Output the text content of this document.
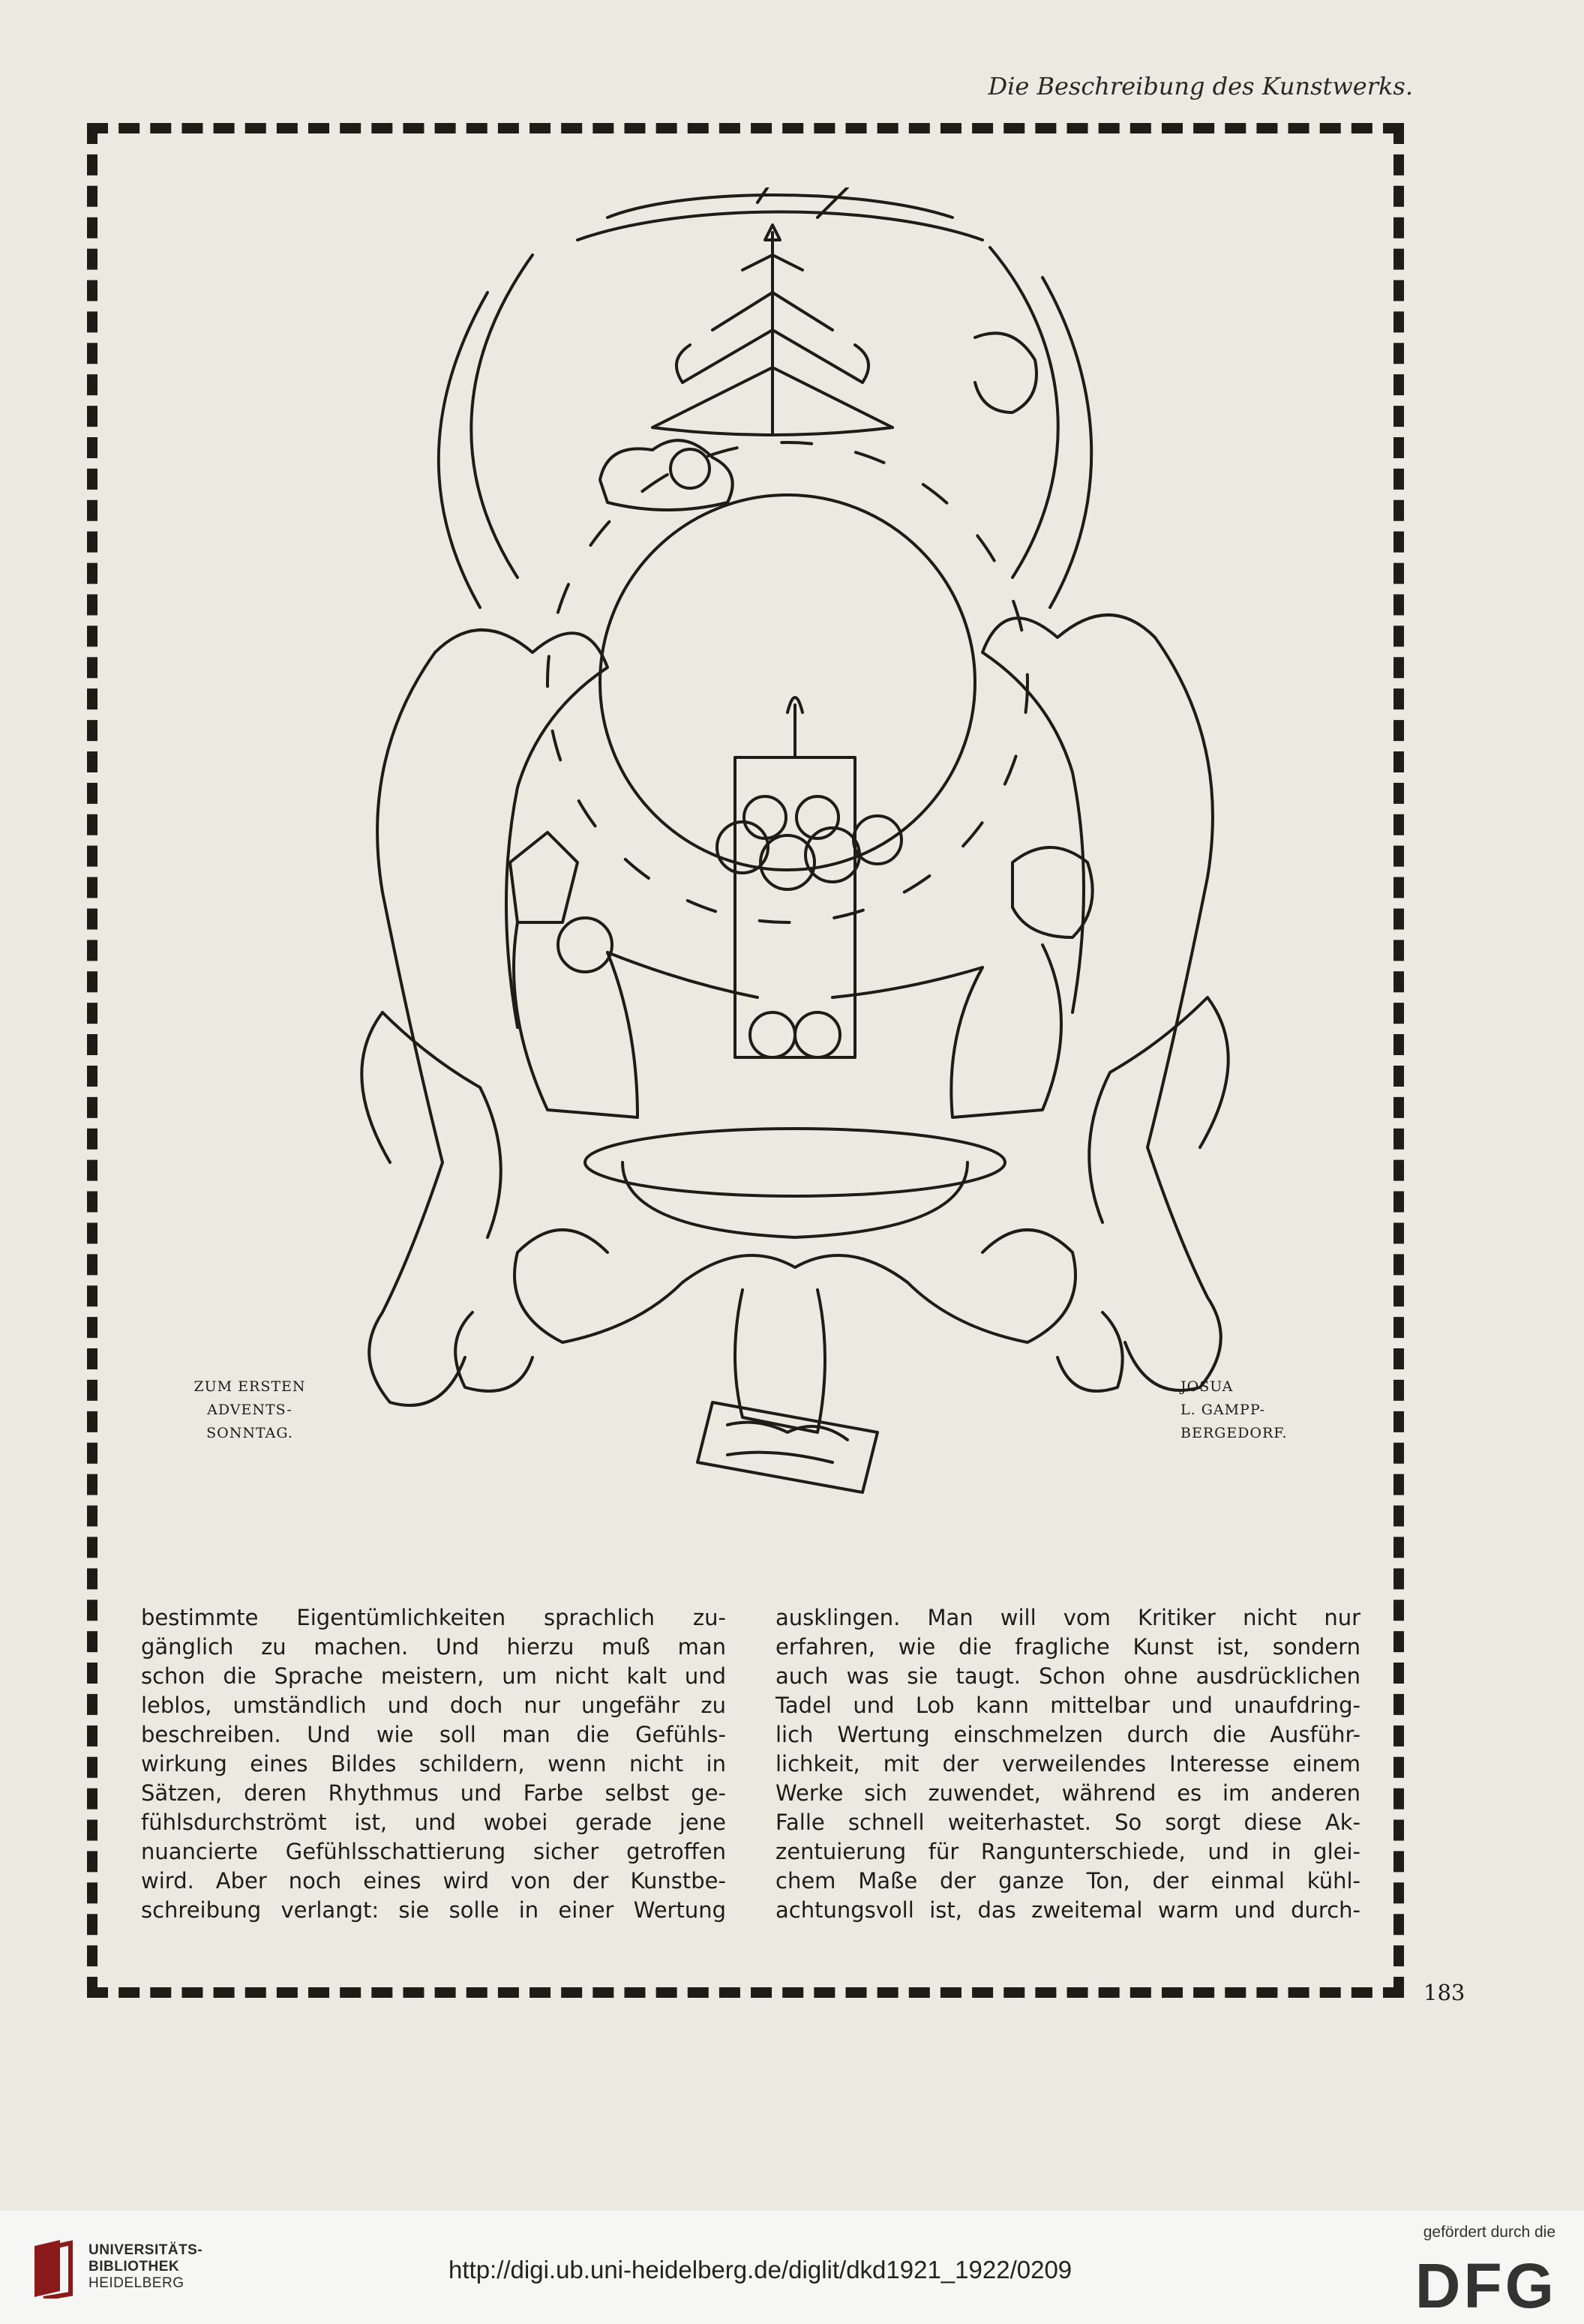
Die Beschreibung des Kunstwerks.
ZUM ERSTEN
ADVENTS-
SONNTAG.
JOSUA
L. GAMPP-
BERGEDORF.
bestimmte Eigentümlichkeiten sprachlich zu-
gänglich zu machen. Und hierzu muß man
schon die Sprache meistern, um nicht kalt und
leblos, umständlich und doch nur ungefähr zu
beschreiben. Und wie soll man die Gefühls-
wirkung eines Bildes schildern, wenn nicht in
Sätzen, deren Rhythmus und Farbe selbst ge-
fühlsdurchströmt ist, und wobei gerade jene
nuancierte Gefühlsschattierung sicher getroffen
wird. Aber noch eines wird von der Kunstbe-
schreibung verlangt: sie solle in einer Wertung
ausklingen. Man will vom Kritiker nicht nur
erfahren, wie die fragliche Kunst ist, sondern
auch was sie taugt. Schon ohne ausdrücklichen
Tadel und Lob kann mittelbar und unaufdring-
lich Wertung einschmelzen durch die Ausführ-
lichkeit, mit der verweilendes Interesse einem
Werke sich zuwendet, während es im anderen
Falle schnell weiterhastet. So sorgt diese Ak-
zentuierung für Rangunterschiede, und in glei-
chem Maße der ganze Ton, der einmal kühl-
achtungsvoll ist, das zweitemal warm und durch-
183
UNIVERSITÄTS-
BIBLIOTHEK
HEIDELBERG	http://digi.ub.uni-heidelberg.de/diglit/dkd1921_1922/0209
gefördert durch die
DFG
